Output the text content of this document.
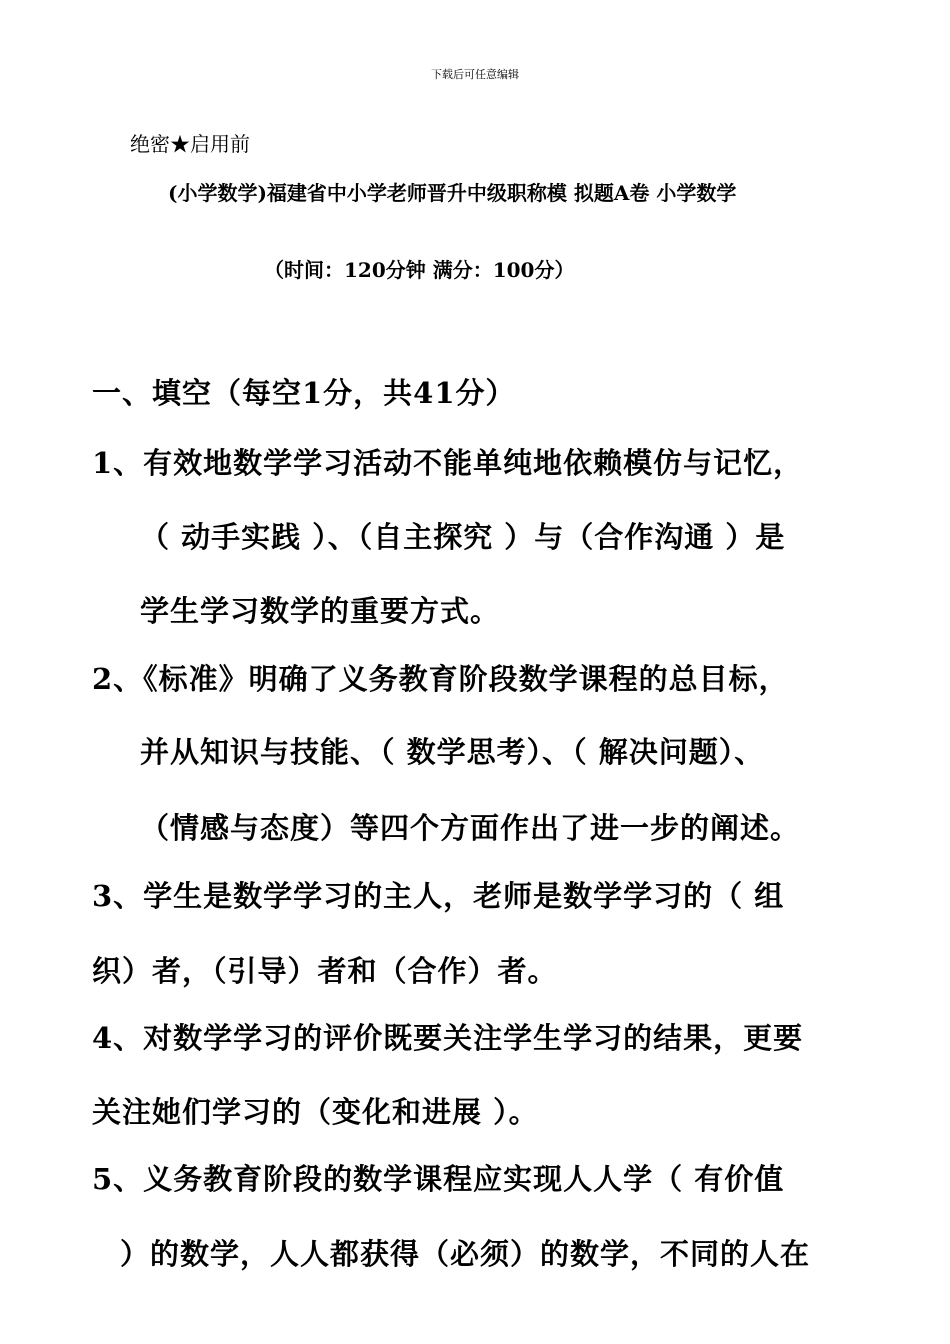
下载后可任意编辑
绝密★启用前
(小学数学)福建省中小学老师晋升中级职称模 拟题A卷 小学数学
（时间：120分钟 满分：100分）
一、填空（每空1分，共41分）
1、有效地数学学习活动不能单纯地依赖模仿与记忆，
（ 动手实践 ）、（自主探究 ）与（合作沟通 ）是
学生学习数学的重要方式。
2、《标准》明确了义务教育阶段数学课程的总目标，
并从知识与技能、（ 数学思考）、（ 解决问题）、
（情感与态度）等四个方面作出了进一步的阐述。
3、学生是数学学习的主人，老师是数学学习的（ 组
织）者，（引导）者和（合作）者。
4、对数学学习的评价既要关注学生学习的结果，更要
关注她们学习的（变化和进展 ）。
5、义务教育阶段的数学课程应实现人人学（ 有价值
）的数学，人人都获得（必须）的数学，不同的人在
